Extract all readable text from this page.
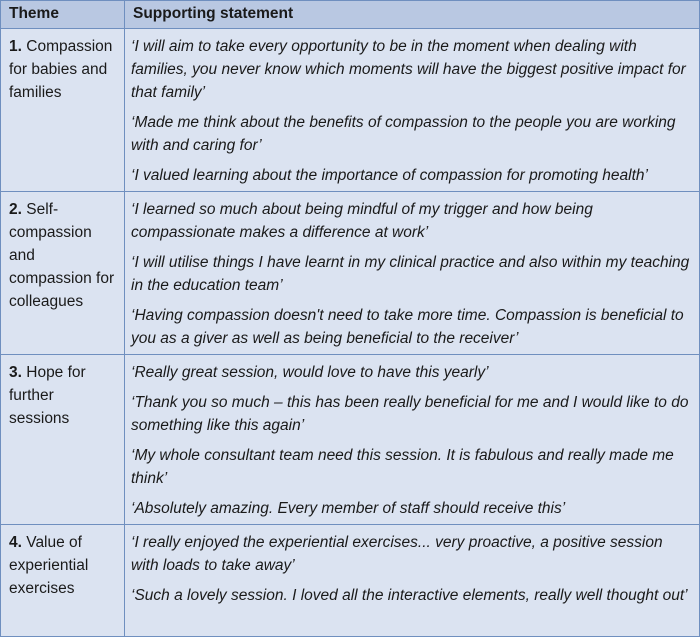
Theme	Supporting statement
1. Compassion for babies and families	‘I will aim to take every opportunity to be in the moment when dealing with families, you never know which moments will have the biggest positive impact for that family’
‘Made me think about the benefits of compassion to the people you are working with and caring for’
‘I valued learning about the importance of compassion for promoting health’

2. Self-compassion and compassion for colleagues	‘I learned so much about being mindful of my trigger and how being compassionate makes a difference at work’
‘I will utilise things I have learnt in my clinical practice and also within my teaching in the education team’
‘Having compassion doesn't need to take more time. Compassion is beneficial to you as a giver as well as being beneficial to the receiver’

3. Hope for further sessions	‘Really great session, would love to have this yearly’
‘Thank you so much – this has been really beneficial for me and I would like to do something like this again’
‘My whole consultant team need this session. It is fabulous and really made me think’
‘Absolutely amazing. Every member of staff should receive this’

4. Value of experiential exercises	‘I really enjoyed the experiential exercises... very proactive, a positive session with loads to take away’
‘Such a lovely session. I loved all the interactive elements, really well thought out’
